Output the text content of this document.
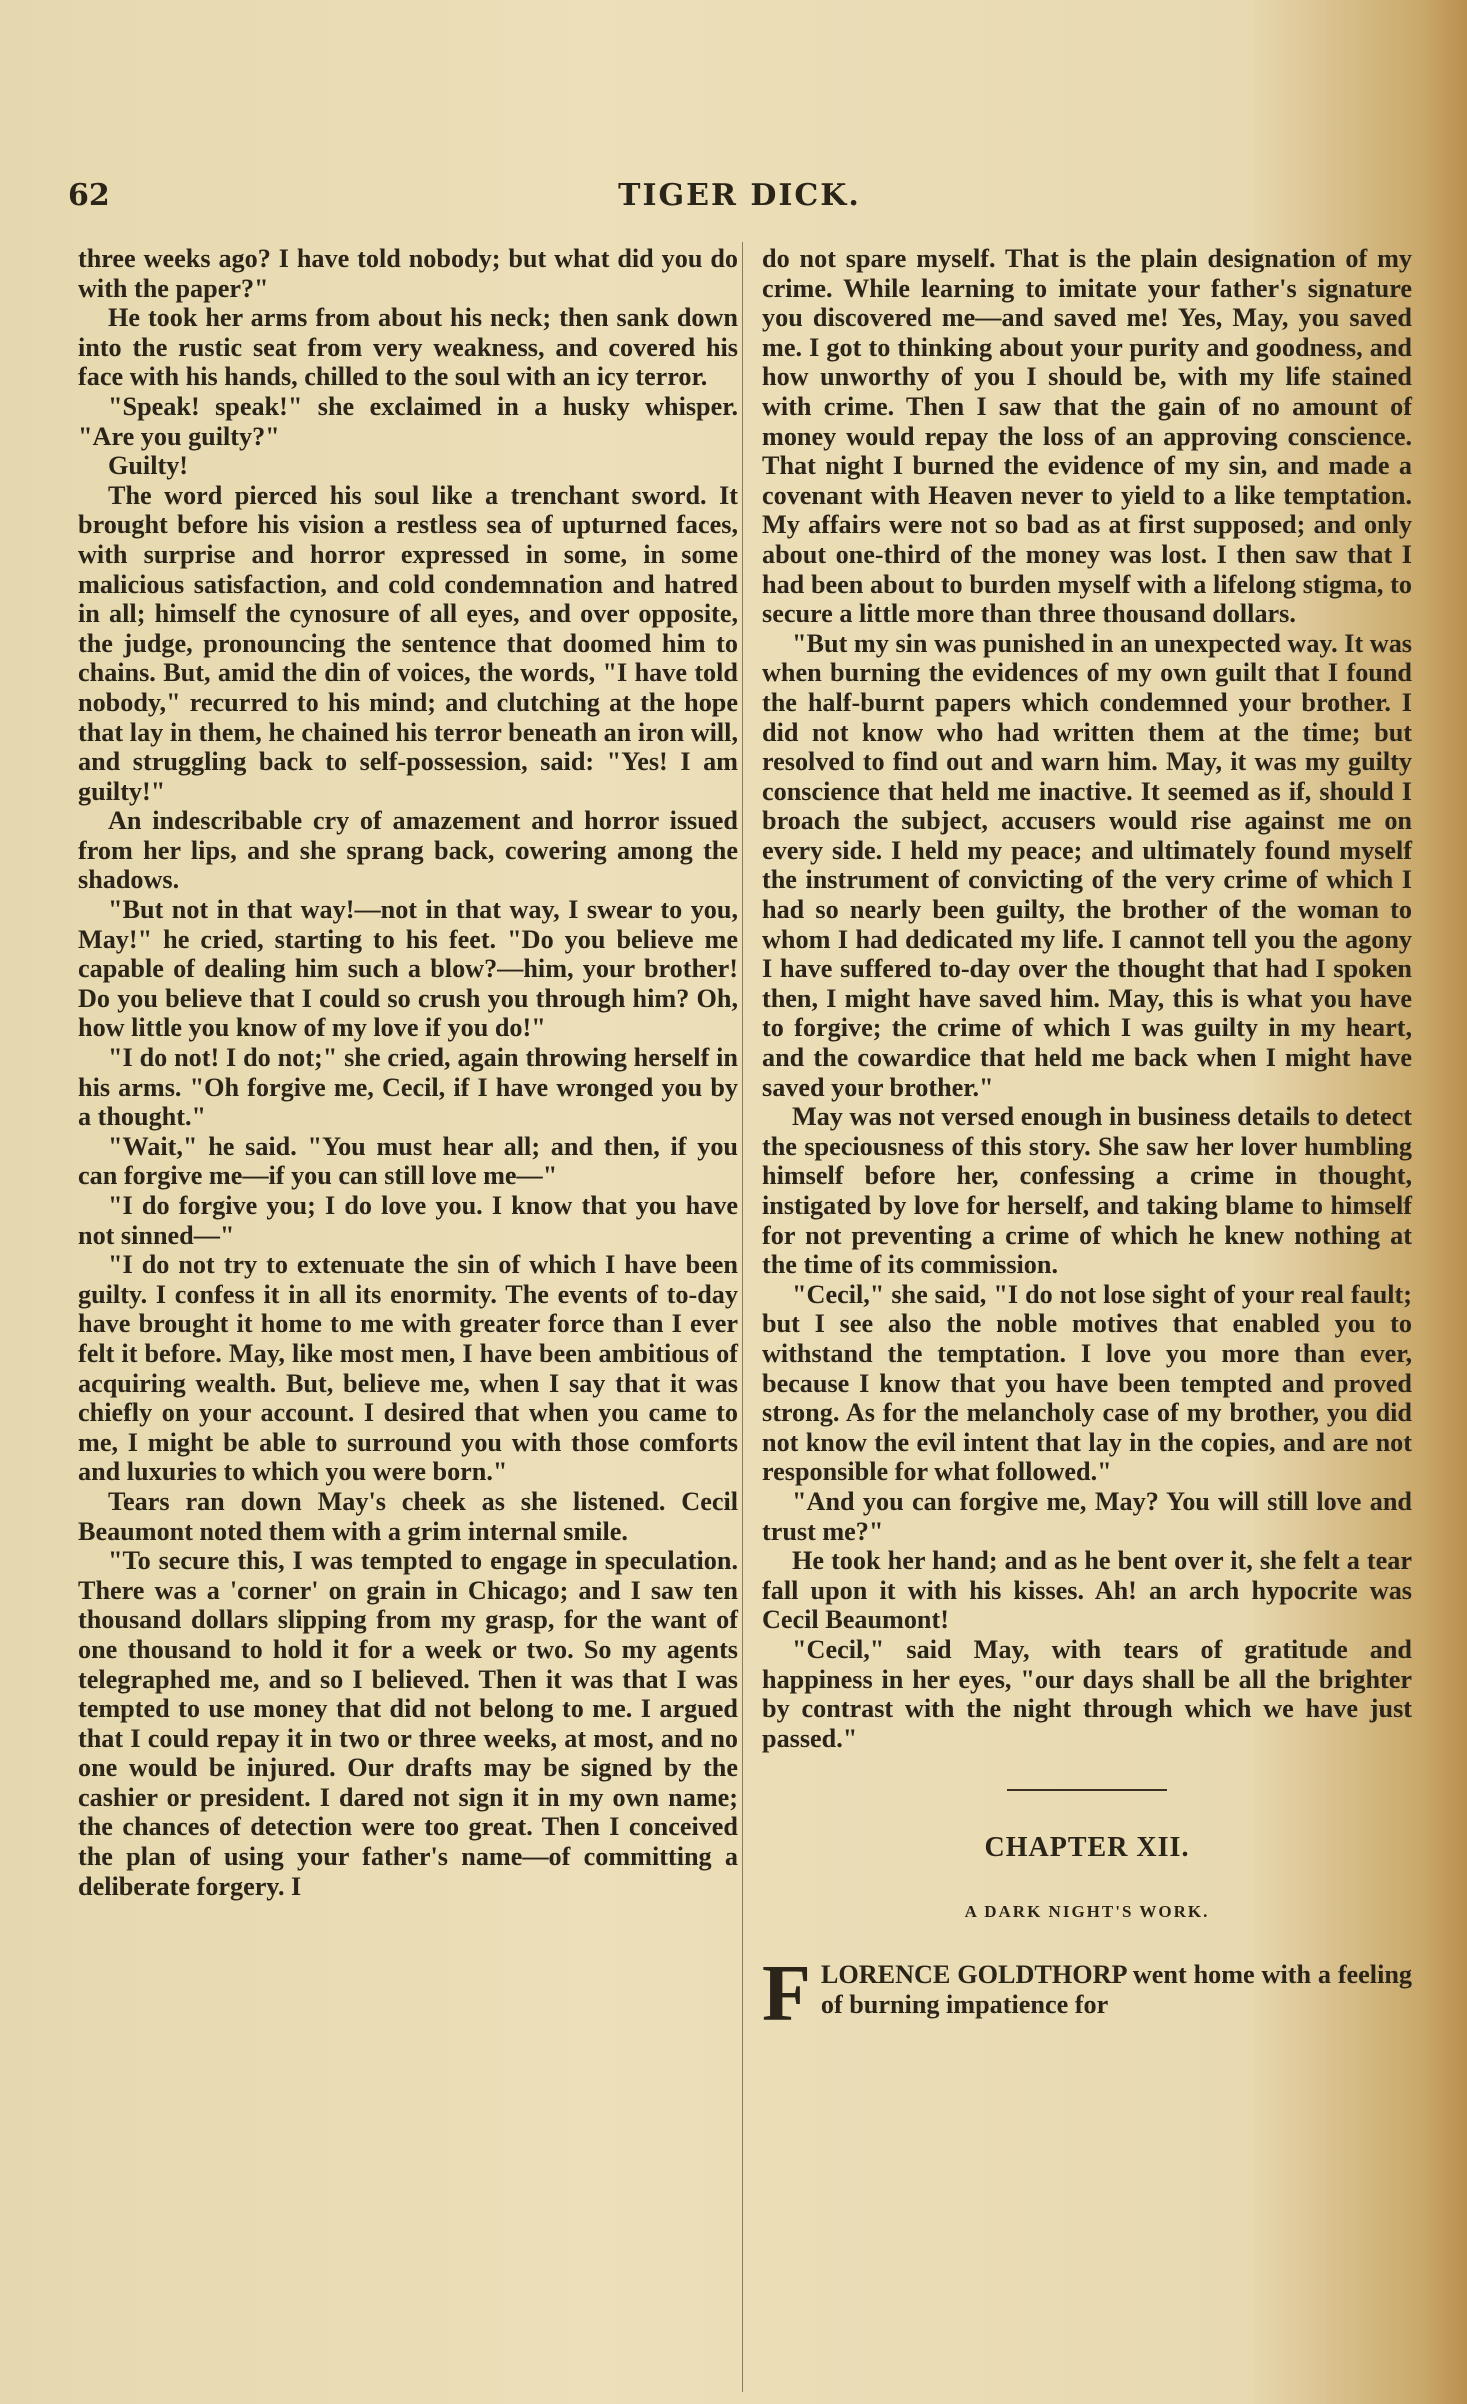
62	TIGER DICK.

three weeks ago? I have told nobody; but what did you do with the paper?"

He took her arms from about his neck; then sank down into the rustic seat from very weakness, and covered his face with his hands, chilled to the soul with an icy terror.

"Speak! speak!" she exclaimed in a husky whisper. "Are you guilty?"

Guilty!

The word pierced his soul like a trenchant sword. It brought before his vision a restless sea of upturned faces, with surprise and horror expressed in some, in some malicious satisfaction, and cold condemnation and hatred in all; himself the cynosure of all eyes, and over opposite, the judge, pronouncing the sentence that doomed him to chains. But, amid the din of voices, the words, "I have told nobody," recurred to his mind; and clutching at the hope that lay in them, he chained his terror beneath an iron will, and struggling back to self-possession, said: "Yes! I am guilty!"

An indescribable cry of amazement and horror issued from her lips, and she sprang back, cowering among the shadows.

"But not in that way!—not in that way, I swear to you, May!" he cried, starting to his feet. "Do you believe me capable of dealing him such a blow?—him, your brother! Do you believe that I could so crush you through him? Oh, how little you know of my love if you do!"

"I do not! I do not;" she cried, again throwing herself in his arms. "Oh forgive me, Cecil, if I have wronged you by a thought."

"Wait," he said. "You must hear all; and then, if you can forgive me—if you can still love me—"

"I do forgive you; I do love you. I know that you have not sinned—"

"I do not try to extenuate the sin of which I have been guilty. I confess it in all its enormity. The events of to-day have brought it home to me with greater force than I ever felt it before. May, like most men, I have been ambitious of acquiring wealth. But, believe me, when I say that it was chiefly on your account. I desired that when you came to me, I might be able to surround you with those comforts and luxuries to which you were born."

Tears ran down May's cheek as she listened. Cecil Beaumont noted them with a grim internal smile.

"To secure this, I was tempted to engage in speculation. There was a 'corner' on grain in Chicago; and I saw ten thousand dollars slipping from my grasp, for the want of one thousand to hold it for a week or two. So my agents telegraphed me, and so I believed. Then it was that I was tempted to use money that did not belong to me. I argued that I could repay it in two or three weeks, at most, and no one would be injured. Our drafts may be signed by the cashier or president. I dared not sign it in my own name; the chances of detection were too great. Then I conceived the plan of using your father's name—of committing a deliberate forgery. I

do not spare myself. That is the plain designation of my crime. While learning to imitate your father's signature you discovered me—and saved me! Yes, May, you saved me. I got to thinking about your purity and goodness, and how unworthy of you I should be, with my life stained with crime. Then I saw that the gain of no amount of money would repay the loss of an approving conscience. That night I burned the evidence of my sin, and made a covenant with Heaven never to yield to a like temptation. My affairs were not so bad as at first supposed; and only about one-third of the money was lost. I then saw that I had been about to burden myself with a lifelong stigma, to secure a little more than three thousand dollars.

"But my sin was punished in an unexpected way. It was when burning the evidences of my own guilt that I found the half-burnt papers which condemned your brother. I did not know who had written them at the time; but resolved to find out and warn him. May, it was my guilty conscience that held me inactive. It seemed as if, should I broach the subject, accusers would rise against me on every side. I held my peace; and ultimately found myself the instrument of convicting of the very crime of which I had so nearly been guilty, the brother of the woman to whom I had dedicated my life. I cannot tell you the agony I have suffered to-day over the thought that had I spoken then, I might have saved him. May, this is what you have to forgive; the crime of which I was guilty in my heart, and the cowardice that held me back when I might have saved your brother."

May was not versed enough in business details to detect the speciousness of this story. She saw her lover humbling himself before her, confessing a crime in thought, instigated by love for herself, and taking blame to himself for not preventing a crime of which he knew nothing at the time of its commission.

"Cecil," she said, "I do not lose sight of your real fault; but I see also the noble motives that enabled you to withstand the temptation. I love you more than ever, because I know that you have been tempted and proved strong. As for the melancholy case of my brother, you did not know the evil intent that lay in the copies, and are not responsible for what followed."

"And you can forgive me, May? You will still love and trust me?"

He took her hand; and as he bent over it, she felt a tear fall upon it with his kisses. Ah! an arch hypocrite was Cecil Beaumont!

"Cecil," said May, with tears of gratitude and happiness in her eyes, "our days shall be all the brighter by contrast with the night through which we have just passed."

CHAPTER XII.
A DARK NIGHT'S WORK.

FLORENCE GOLDTHORP went home with a feeling of burning impatience for
